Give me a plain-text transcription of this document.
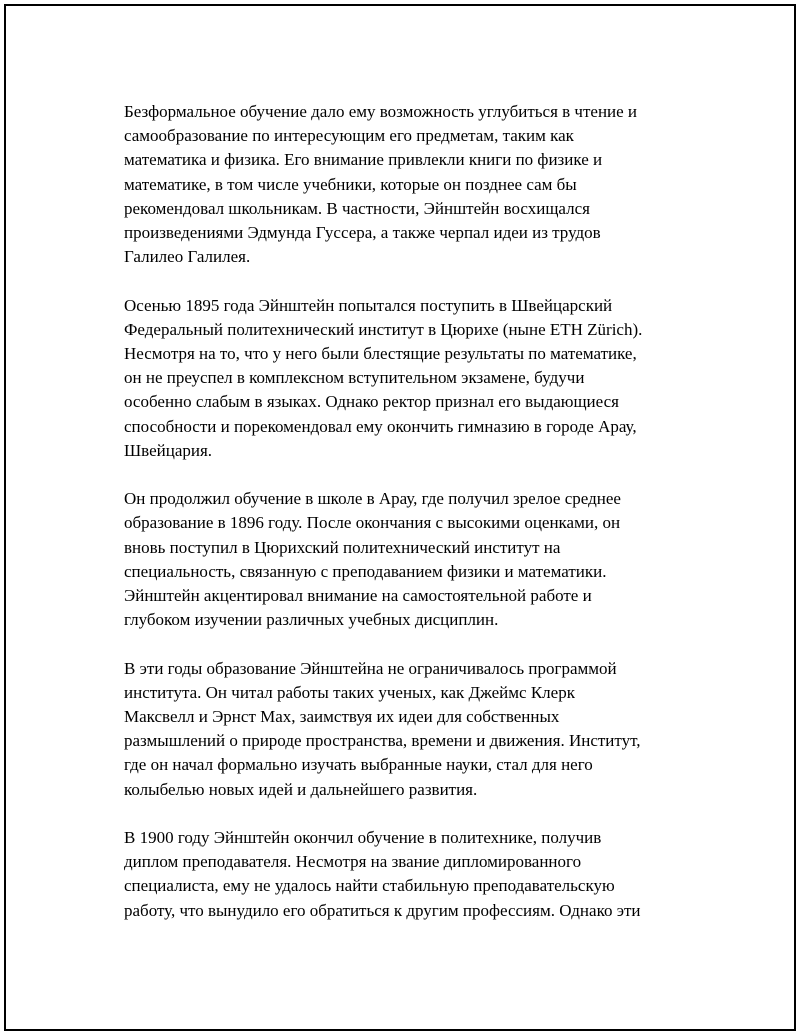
Безформальное обучение дало ему возможность углубиться в чтение и
самообразование по интересующим его предметам, таким как
математика и физика. Его внимание привлекли книги по физике и
математике, в том числе учебники, которые он позднее сам бы
рекомендовал школьникам. В частности, Эйнштейн восхищался
произведениями Эдмунда Гуссера, а также черпал идеи из трудов
Галилео Галилея.

Осенью 1895 года Эйнштейн попытался поступить в Швейцарский
Федеральный политехнический институт в Цюрихе (ныне ETH Zürich).
Несмотря на то, что у него были блестящие результаты по математике,
он не преуспел в комплексном вступительном экзамене, будучи
особенно слабым в языках. Однако ректор признал его выдающиеся
способности и порекомендовал ему окончить гимназию в городе Арау,
Швейцария.

Он продолжил обучение в школе в Арау, где получил зрелое среднее
образование в 1896 году. После окончания с высокими оценками, он
вновь поступил в Цюрихский политехнический институт на
специальность, связанную с преподаванием физики и математики.
Эйнштейн акцентировал внимание на самостоятельной работе и
глубоком изучении различных учебных дисциплин.

В эти годы образование Эйнштейна не ограничивалось программой
института. Он читал работы таких ученых, как Джеймс Клерк
Максвелл и Эрнст Мах, заимствуя их идеи для собственных
размышлений о природе пространства, времени и движения. Институт,
где он начал формально изучать выбранные науки, стал для него
колыбелью новых идей и дальнейшего развития.

В 1900 году Эйнштейн окончил обучение в политехнике, получив
диплом преподавателя. Несмотря на звание дипломированного
специалиста, ему не удалось найти стабильную преподавательскую
работу, что вынудило его обратиться к другим профессиям. Однако эти
